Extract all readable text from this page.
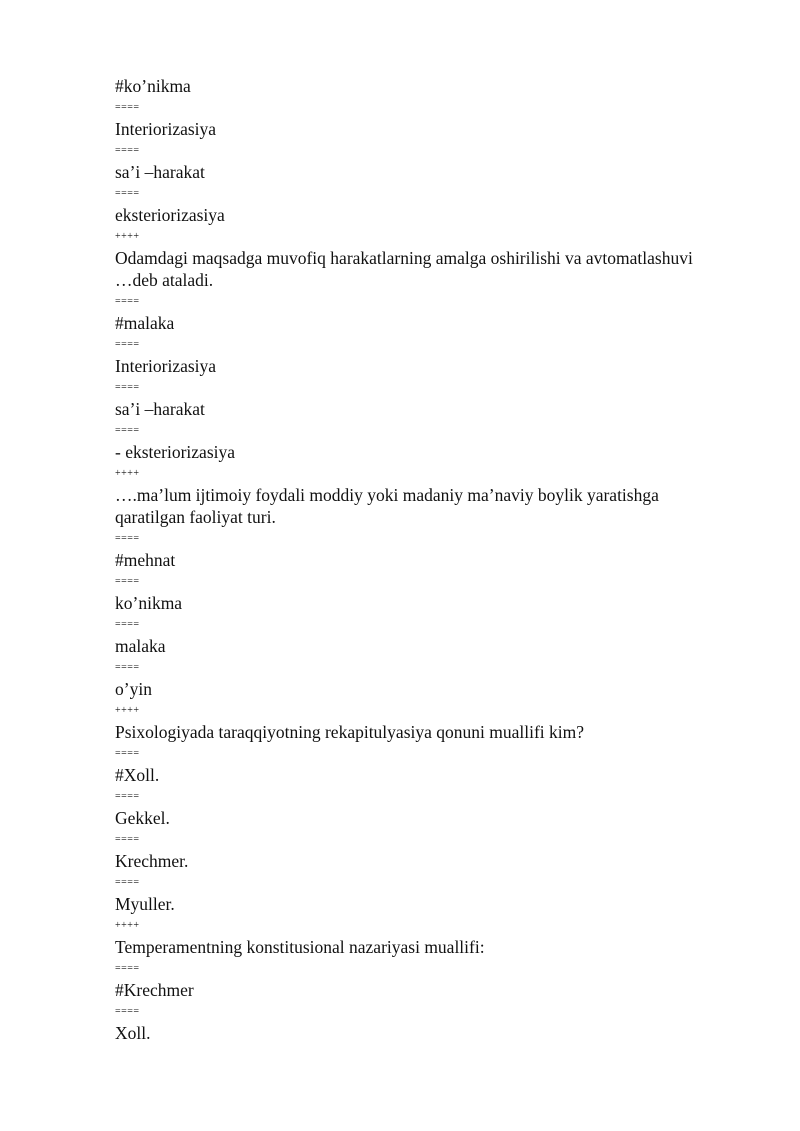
#ko’nikma
====
Interiorizasiya
====
sa’i –harakat
====
eksteriorizasiya
++++
Odamdagi maqsadga muvofiq harakatlarning amalga oshirilishi va avtomatlashuvi
…deb ataladi.
====
#malaka
====
Interiorizasiya
====
sa’i –harakat
====
- eksteriorizasiya
++++
….ma’lum ijtimoiy foydali moddiy yoki madaniy ma’naviy boylik yaratishga
qaratilgan faoliyat turi.
====
#mehnat
====
ko’nikma
====
malaka
====
o’yin
++++
Psixologiyada taraqqiyotning rekapitulyasiya qonuni muallifi kim?
====
#Xoll.
====
Gekkel.
====
Krechmer.
====
Myuller.
++++
Temperamentning konstitusional nazariyasi muallifi:
====
#Krechmer
====
Xoll.
